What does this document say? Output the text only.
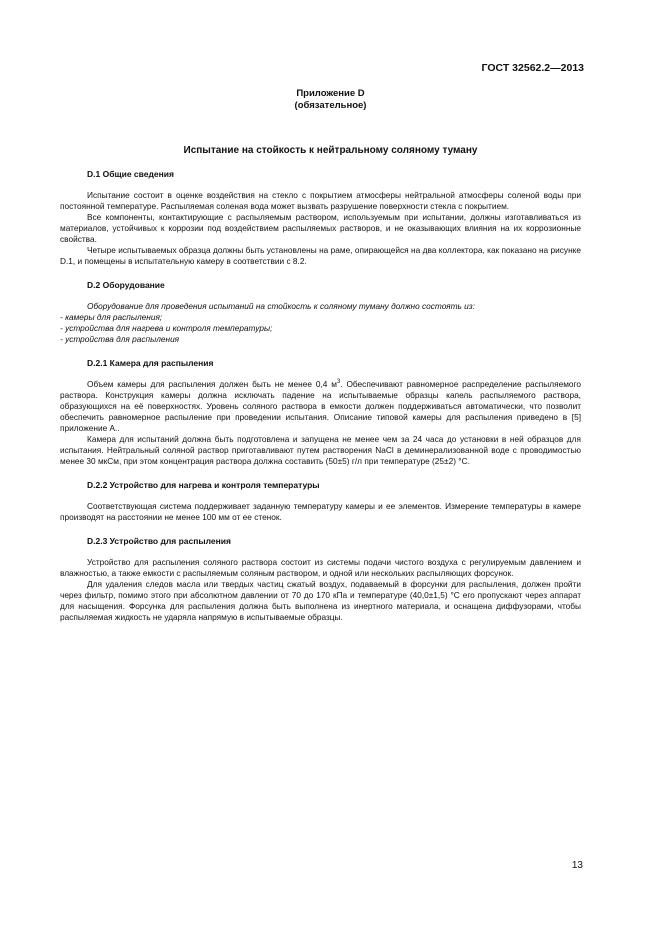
ГОСТ 32562.2—2013
Приложение D
(обязательное)
Испытание на стойкость к нейтральному соляному туману
D.1 Общие сведения

Испытание состоит в оценке воздействия на стекло с покрытием атмосферы нейтральной атмосферы соленой воды при постоянной температуре. Распыляемая соленая вода может вызвать разрушение поверхности стекла с покрытием.

Все компоненты, контактирующие с распыляемым раствором, используемым при испытании, должны изготавливаться из материалов, устойчивых к коррозии под воздействием распыляемых растворов, и не оказывающих влияния на их коррозионные свойства.

Четыре испытываемых образца должны быть установлены на раме, опирающейся на два коллектора, как показано на рисунке D.1, и помещены в испытательную камеру в соответствии с 8.2.

D.2 Оборудование

Оборудование для проведения испытаний на стойкость к соляному туману должно состоять из:

- камеры для распыления;

- устройства для нагрева и контроля температуры;

- устройства для распыления

D.2.1 Камера для распыления

Объем камеры для распыления должен быть не менее 0,4 $м^3$. Обеспечивают равномерное распределение распыляемого раствора. Конструкция камеры должна исключать падение на испытываемые образцы капель распыляемого раствора, образующихся на её поверхностях. Уровень соляного раствора в емкости должен поддерживаться автоматически, что позволит обеспечить равномерное распыление при проведении испытания. Описание типовой камеры для распыления приведено в [5] приложение А..

Камера для испытаний должна быть подготовлена и запущена не менее чем за 24 часа до установки в ней образцов для испытания. Нейтральный соляной раствор приготавливают путем растворения NaCl в деминерализованной воде с проводимостью менее 30 мкСм, при этом концентрация раствора должна составить (50±5) г/л при температуре (25±2) °С.

D.2.2 Устройство для нагрева и контроля температуры

Соответствующая система поддерживает заданную температуру камеры и ее элементов. Измерение температуры в камере производят на расстоянии не менее 100 мм от ее стенок.

D.2.3 Устройство для распыления

Устройство для распыления соляного раствора состоит из системы подачи чистого воздуха с регулируемым давлением и влажностью, а также емкости с распыляемым соляным раствором, и одной или нескольких распыляющих форсунок.

Для удаления следов масла или твердых частиц сжатый воздух, подаваемый в форсунки для распыления, должен пройти через фильтр, помимо этого при абсолютном давлении от 70 до 170 кПа и температуре (40,0±1,5) °С его пропускают через аппарат для насыщения. Форсунка для распыления должна быть выполнена из инертного материала, и оснащена диффузорами, чтобы распыляемая жидкость не ударяла напрямую в испытываемые образцы.

13
